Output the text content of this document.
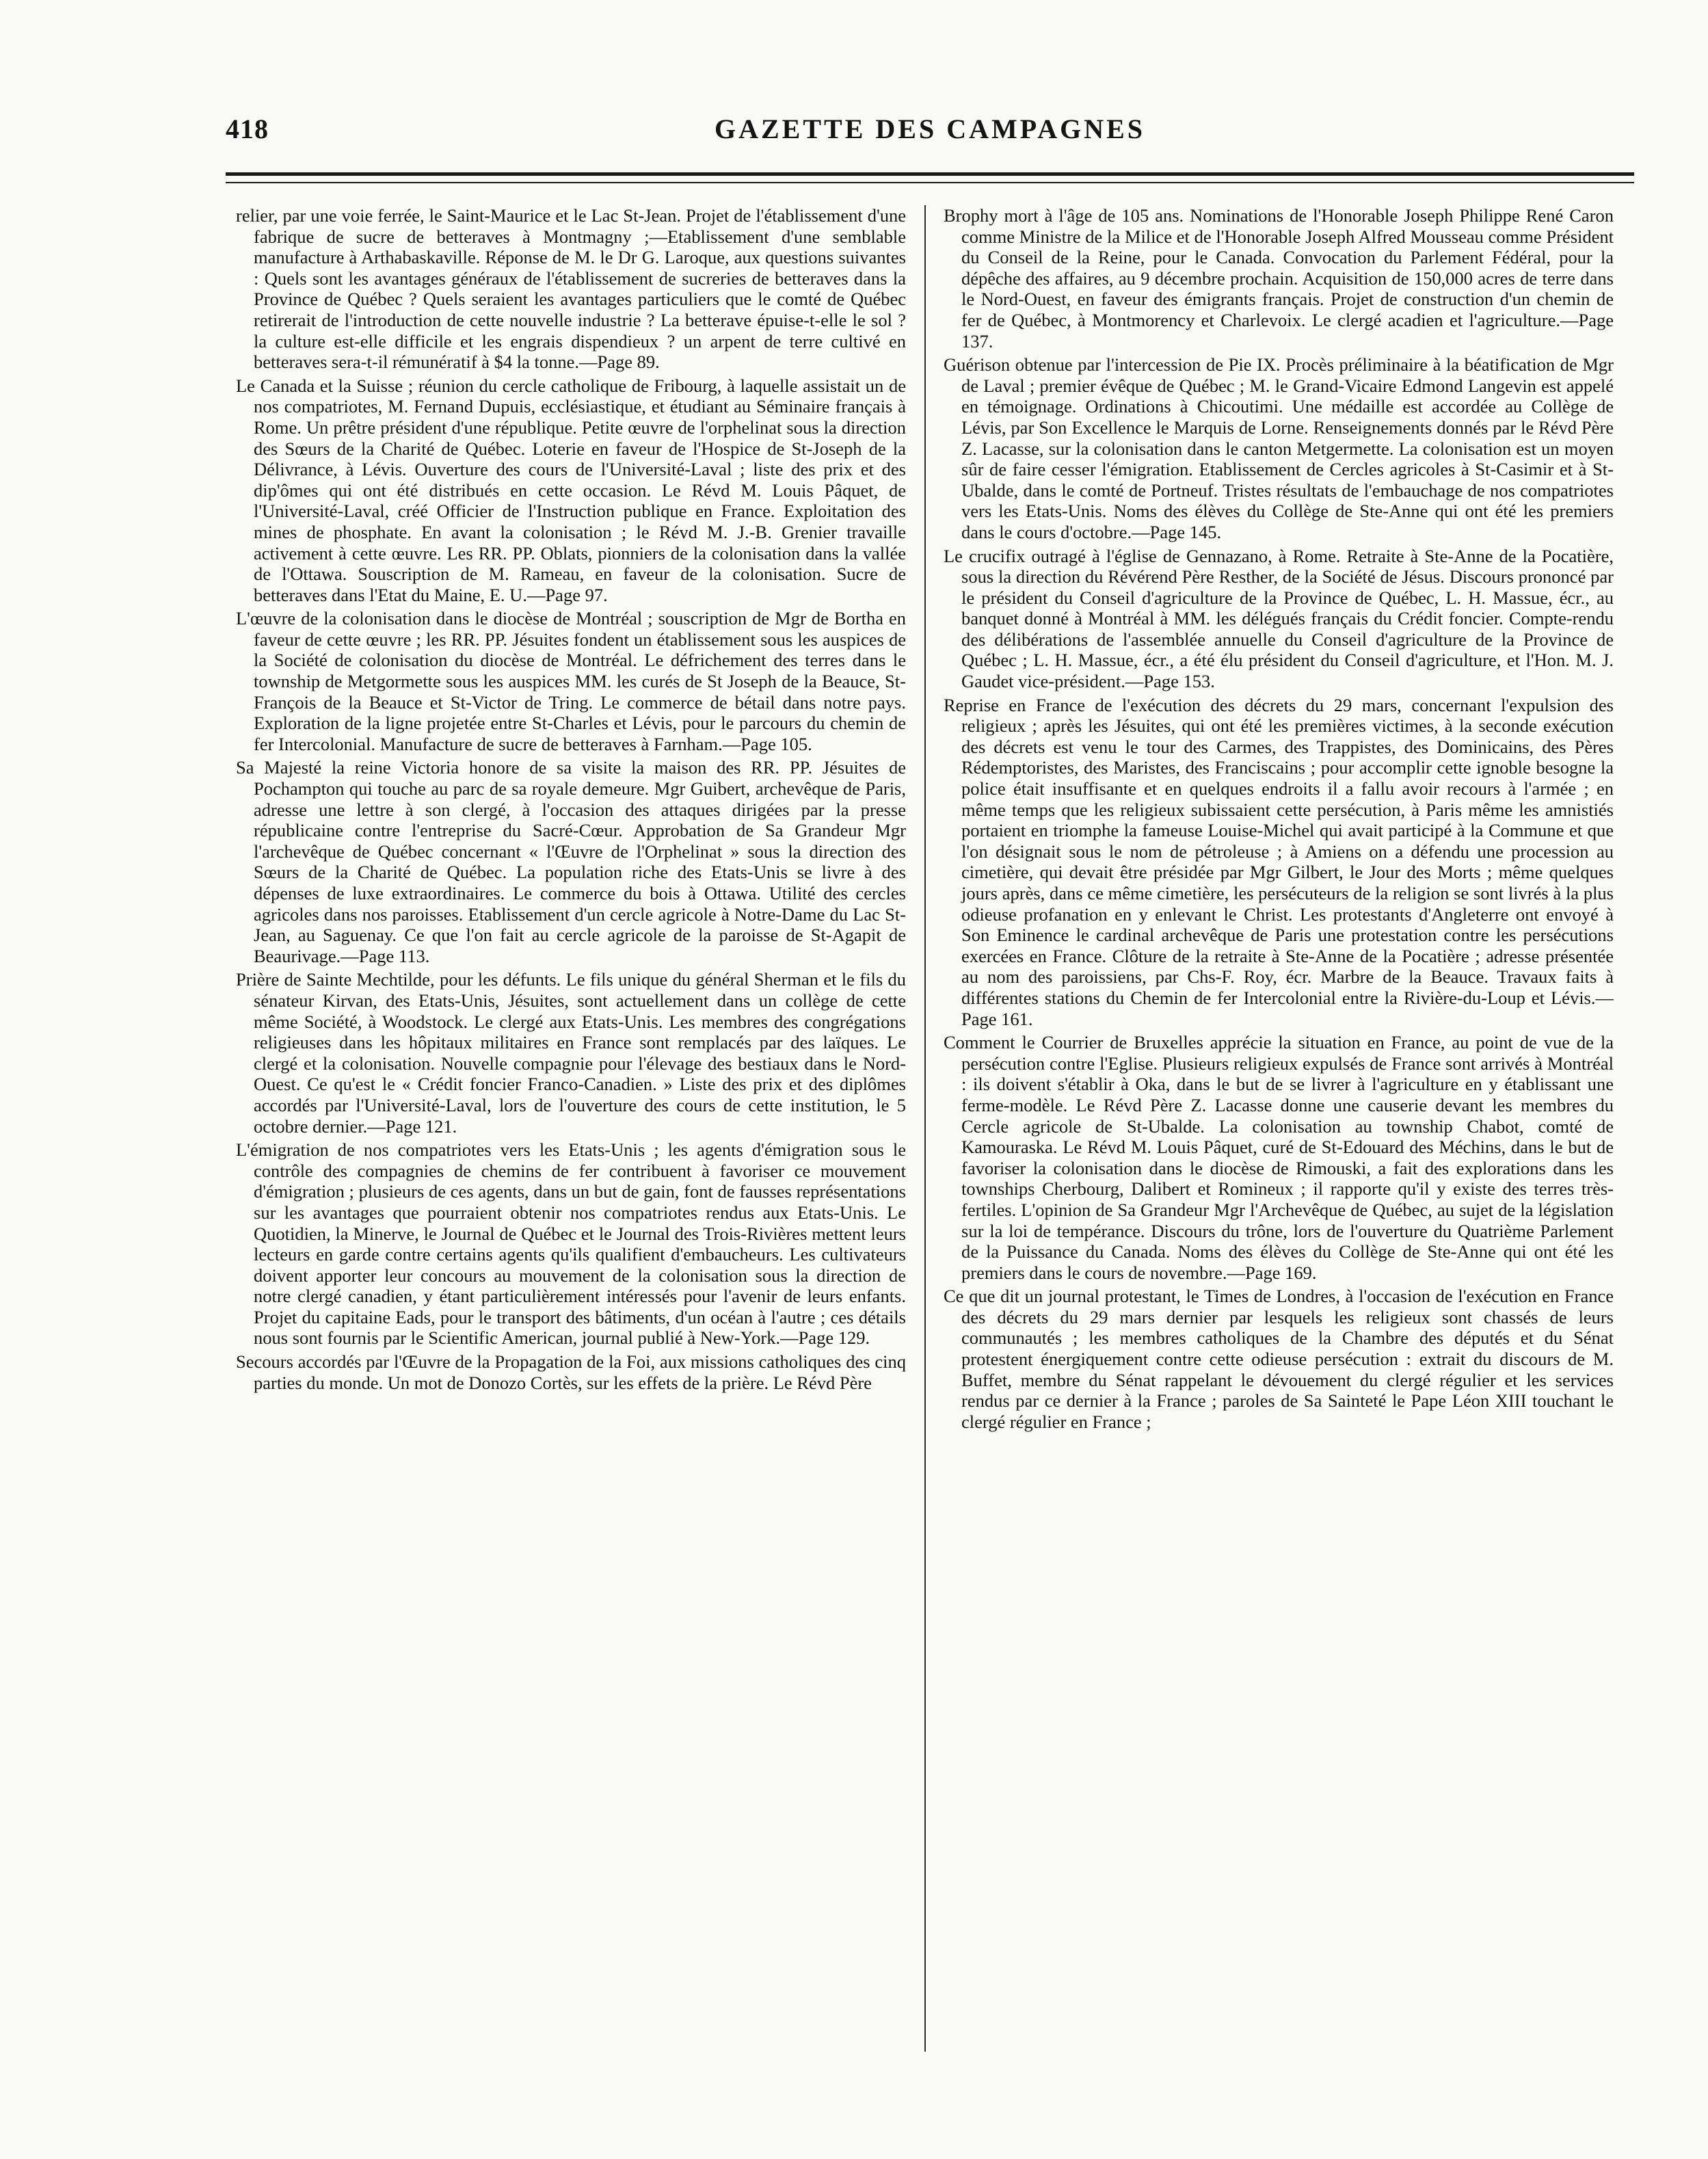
418	GAZETTE DES CAMPAGNES

relier, par une voie ferrée, le Saint-Maurice et le Lac St-Jean. Projet de l'établissement d'une fabrique de sucre de betteraves à Montmagny ;—Etablissement d'une semblable manufacture à Arthabaskaville. Réponse de M. le Dr G. Laroque, aux questions suivantes : Quels sont les avantages généraux de l'établissement de sucreries de betteraves dans la Province de Québec ? Quels seraient les avantages particuliers que le comté de Québec retirerait de l'introduction de cette nouvelle industrie ? La betterave épuise-t-elle le sol ? la culture est-elle difficile et les engrais dispendieux ? un arpent de terre cultivé en betteraves sera-t-il rémunératif à $4 la tonne.—Page 89.

Le Canada et la Suisse ; réunion du cercle catholique de Fribourg, à laquelle assistait un de nos compatriotes, M. Fernand Dupuis, ecclésiastique, et étudiant au Séminaire français à Rome. Un prêtre président d'une république. Petite œuvre de l'orphelinat sous la direction des Sœurs de la Charité de Québec. Loterie en faveur de l'Hospice de St-Joseph de la Délivrance, à Lévis. Ouverture des cours de l'Université-Laval ; liste des prix et des dip'ômes qui ont été distribués en cette occasion. Le Révd M. Louis Pâquet, de l'Université-Laval, créé Officier de l'Instruction publique en France. Exploitation des mines de phosphate. En avant la colonisation ; le Révd M. J.-B. Grenier travaille activement à cette œuvre. Les RR. PP. Oblats, pionniers de la colonisation dans la vallée de l'Ottawa. Souscription de M. Rameau, en faveur de la colonisation. Sucre de betteraves dans l'Etat du Maine, E. U.—Page 97.

L'œuvre de la colonisation dans le diocèse de Montréal ; souscription de Mgr de Bortha en faveur de cette œuvre ; les RR. PP. Jésuites fondent un établissement sous les auspices de la Société de colonisation du diocèse de Montréal. Le défrichement des terres dans le township de Metgormette sous les auspices MM. les curés de St Joseph de la Beauce, St-François de la Beauce et St-Victor de Tring. Le commerce de bétail dans notre pays. Exploration de la ligne projetée entre St-Charles et Lévis, pour le parcours du chemin de fer Intercolonial. Manufacture de sucre de betteraves à Farnham.—Page 105.

Sa Majesté la reine Victoria honore de sa visite la maison des RR. PP. Jésuites de Pochampton qui touche au parc de sa royale demeure. Mgr Guibert, archevêque de Paris, adresse une lettre à son clergé, à l'occasion des attaques dirigées par la presse républicaine contre l'entreprise du Sacré-Cœur. Approbation de Sa Grandeur Mgr l'archevêque de Québec concernant « l'Œuvre de l'Orphelinat » sous la direction des Sœurs de la Charité de Québec. La population riche des Etats-Unis se livre à des dépenses de luxe extraordinaires. Le commerce du bois à Ottawa. Utilité des cercles agricoles dans nos paroisses. Etablissement d'un cercle agricole à Notre-Dame du Lac St-Jean, au Saguenay. Ce que l'on fait au cercle agricole de la paroisse de St-Agapit de Beaurivage.—Page 113.

Prière de Sainte Mechtilde, pour les défunts. Le fils unique du général Sherman et le fils du sénateur Kirvan, des Etats-Unis, Jésuites, sont actuellement dans un collège de cette même Société, à Woodstock. Le clergé aux Etats-Unis. Les membres des congrégations religieuses dans les hôpitaux militaires en France sont remplacés par des laïques. Le clergé et la colonisation. Nouvelle compagnie pour l'élevage des bestiaux dans le Nord-Ouest. Ce qu'est le « Crédit foncier Franco-Canadien. » Liste des prix et des diplômes accordés par l'Université-Laval, lors de l'ouverture des cours de cette institution, le 5 octobre dernier.—Page 121.

L'émigration de nos compatriotes vers les Etats-Unis ; les agents d'émigration sous le contrôle des compagnies de chemins de fer contribuent à favoriser ce mouvement d'émigration ; plusieurs de ces agents, dans un but de gain, font de fausses représentations sur les avantages que pourraient obtenir nos compatriotes rendus aux Etats-Unis. Le Quotidien, la Minerve, le Journal de Québec et le Journal des Trois-Rivières mettent leurs lecteurs en garde contre certains agents qu'ils qualifient d'embaucheurs. Les cultivateurs doivent apporter leur concours au mouvement de la colonisation sous la direction de notre clergé canadien, y étant particulièrement intéressés pour l'avenir de leurs enfants. Projet du capitaine Eads, pour le transport des bâtiments, d'un océan à l'autre ; ces détails nous sont fournis par le Scientific American, journal publié à New-York.—Page 129.

Secours accordés par l'Œuvre de la Propagation de la Foi, aux missions catholiques des cinq parties du monde. Un mot de Donozo Cortès, sur les effets de la prière. Le Révd Père

Brophy mort à l'âge de 105 ans. Nominations de l'Honorable Joseph Philippe René Caron comme Ministre de la Milice et de l'Honorable Joseph Alfred Mousseau comme Président du Conseil de la Reine, pour le Canada. Convocation du Parlement Fédéral, pour la dépêche des affaires, au 9 décembre prochain. Acquisition de 150,000 acres de terre dans le Nord-Ouest, en faveur des émigrants français. Projet de construction d'un chemin de fer de Québec, à Montmorency et Charlevoix. Le clergé acadien et l'agriculture.—Page 137.

Guérison obtenue par l'intercession de Pie IX. Procès préliminaire à la béatification de Mgr de Laval ; premier évêque de Québec ; M. le Grand-Vicaire Edmond Langevin est appelé en témoignage. Ordinations à Chicoutimi. Une médaille est accordée au Collège de Lévis, par Son Excellence le Marquis de Lorne. Renseignements donnés par le Révd Père Z. Lacasse, sur la colonisation dans le canton Metgermette. La colonisation est un moyen sûr de faire cesser l'émigration. Etablissement de Cercles agricoles à St-Casimir et à St-Ubalde, dans le comté de Portneuf. Tristes résultats de l'embauchage de nos compatriotes vers les Etats-Unis. Noms des élèves du Collège de Ste-Anne qui ont été les premiers dans le cours d'octobre.—Page 145.

Le crucifix outragé à l'église de Gennazano, à Rome. Retraite à Ste-Anne de la Pocatière, sous la direction du Révérend Père Resther, de la Société de Jésus. Discours prononcé par le président du Conseil d'agriculture de la Province de Québec, L. H. Massue, écr., au banquet donné à Montréal à MM. les délégués français du Crédit foncier. Compte-rendu des délibérations de l'assemblée annuelle du Conseil d'agriculture de la Province de Québec ; L. H. Massue, écr., a été élu président du Conseil d'agriculture, et l'Hon. M. J. Gaudet vice-président.—Page 153.

Reprise en France de l'exécution des décrets du 29 mars, concernant l'expulsion des religieux ; après les Jésuites, qui ont été les premières victimes, à la seconde exécution des décrets est venu le tour des Carmes, des Trappistes, des Dominicains, des Pères Rédemptoristes, des Maristes, des Franciscains ; pour accomplir cette ignoble besogne la police était insuffisante et en quelques endroits il a fallu avoir recours à l'armée ; en même temps que les religieux subissaient cette persécution, à Paris même les amnistiés portaient en triomphe la fameuse Louise-Michel qui avait participé à la Commune et que l'on désignait sous le nom de pétroleuse ; à Amiens on a défendu une procession au cimetière, qui devait être présidée par Mgr Gilbert, le Jour des Morts ; même quelques jours après, dans ce même cimetière, les persécuteurs de la religion se sont livrés à la plus odieuse profanation en y enlevant le Christ. Les protestants d'Angleterre ont envoyé à Son Eminence le cardinal archevêque de Paris une protestation contre les persécutions exercées en France. Clôture de la retraite à Ste-Anne de la Pocatière ; adresse présentée au nom des paroissiens, par Chs-F. Roy, écr. Marbre de la Beauce. Travaux faits à différentes stations du Chemin de fer Intercolonial entre la Rivière-du-Loup et Lévis.—Page 161.

Comment le Courrier de Bruxelles apprécie la situation en France, au point de vue de la persécution contre l'Eglise. Plusieurs religieux expulsés de France sont arrivés à Montréal : ils doivent s'établir à Oka, dans le but de se livrer à l'agriculture en y établissant une ferme-modèle. Le Révd Père Z. Lacasse donne une causerie devant les membres du Cercle agricole de St-Ubalde. La colonisation au township Chabot, comté de Kamouraska. Le Révd M. Louis Pâquet, curé de St-Edouard des Méchins, dans le but de favoriser la colonisation dans le diocèse de Rimouski, a fait des explorations dans les townships Cherbourg, Dalibert et Romineux ; il rapporte qu'il y existe des terres très-fertiles. L'opinion de Sa Grandeur Mgr l'Archevêque de Québec, au sujet de la législation sur la loi de tempérance. Discours du trône, lors de l'ouverture du Quatrième Parlement de la Puissance du Canada. Noms des élèves du Collège de Ste-Anne qui ont été les premiers dans le cours de novembre.—Page 169.

Ce que dit un journal protestant, le Times de Londres, à l'occasion de l'exécution en France des décrets du 29 mars dernier par lesquels les religieux sont chassés de leurs communautés ; les membres catholiques de la Chambre des députés et du Sénat protestent énergiquement contre cette odieuse persécution : extrait du discours de M. Buffet, membre du Sénat rappelant le dévouement du clergé régulier et les services rendus par ce dernier à la France ; paroles de Sa Sainteté le Pape Léon XIII touchant le clergé régulier en France ;
